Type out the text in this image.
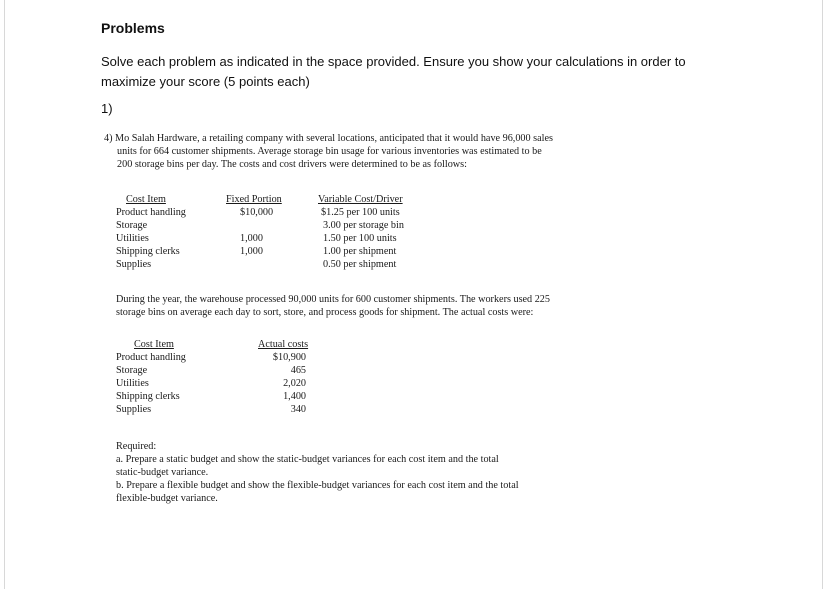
Problems
Solve each problem as indicated in the space provided. Ensure you show your calculations in order to maximize your score (5 points each)
1)
4) Mo Salah Hardware, a retailing company with several locations, anticipated that it would have 96,000 sales
units for 664 customer shipments. Average storage bin usage for various inventories was estimated to be
200 storage bins per day. The costs and cost drivers were determined to be as follows:
Cost Item
Product handling
Storage
Utilities
Shipping clerks
Supplies
Fixed Portion
$10,000
1,000
1,000
Variable Cost/Driver
$1.25 per 100 units
3.00 per storage bin
1.50 per 100 units
1.00 per shipment
0.50 per shipment
During the year, the warehouse processed 90,000 units for 600 customer shipments. The workers used 225
storage bins on average each day to sort, store, and process goods for shipment. The actual costs were:
Cost Item
Product handling
Storage
Utilities
Shipping clerks
Supplies
Actual costs
$10,900
465
2,020
1,400
340
Required:
a. Prepare a static budget and show the static-budget variances for each cost item and the total
static-budget variance.
b. Prepare a flexible budget and show the flexible-budget variances for each cost item and the total
flexible-budget variance.
